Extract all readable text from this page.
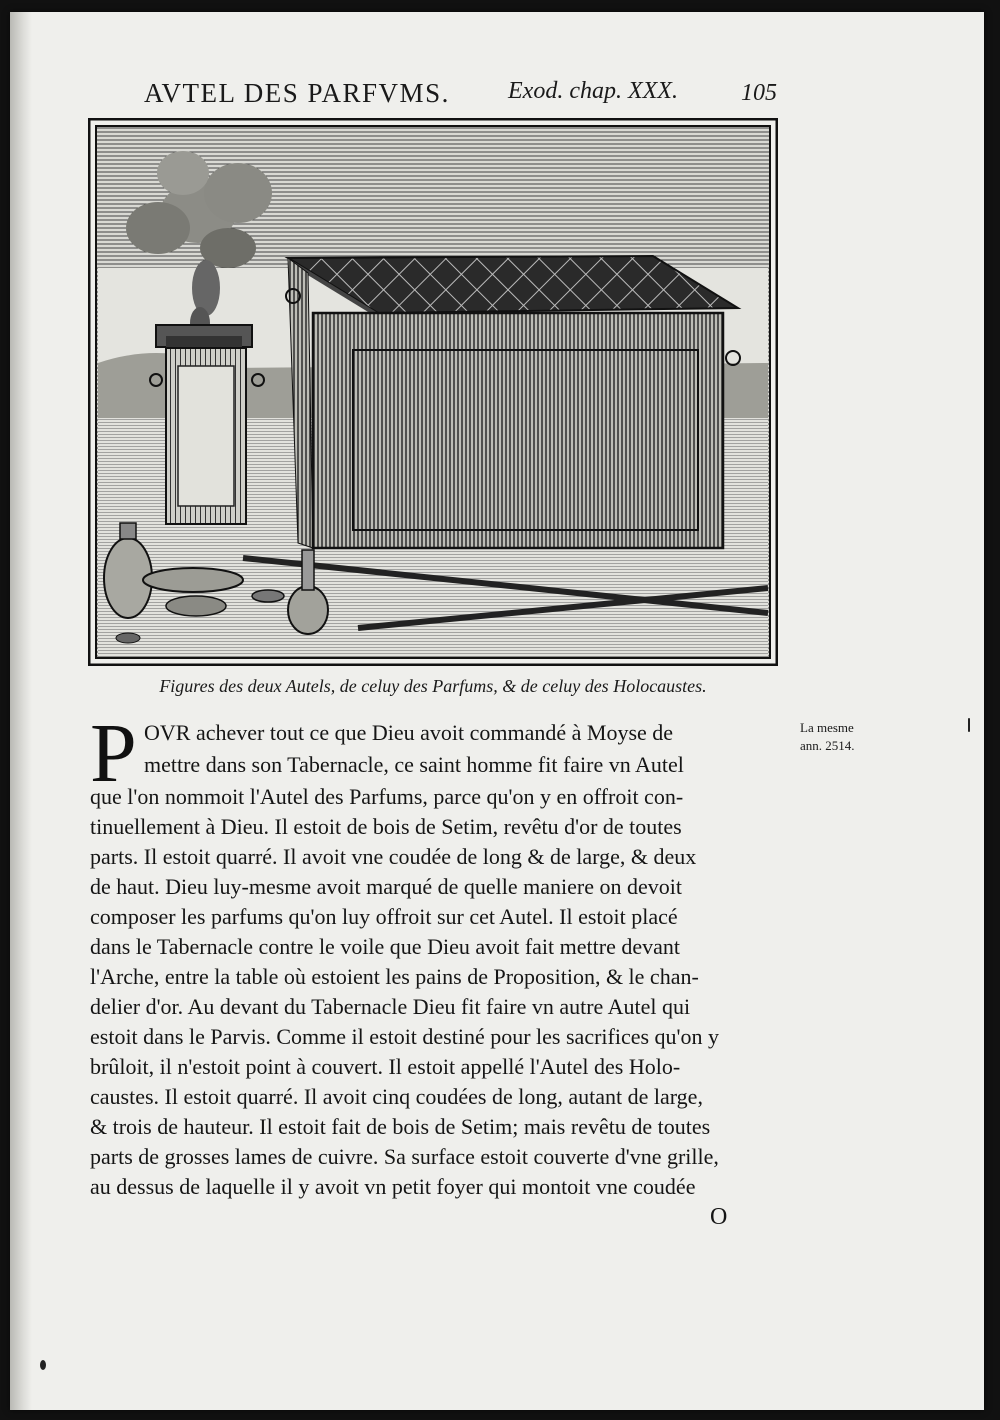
AVTEL DES PARFVMS. Exod. chap. XXX.	105
Figures des deux Autels, de celuy des Parfums, & de celuy des Holocaustes.
P OVR achever tout ce que Dieu avoit commandé à Moyse de
mettre dans son Tabernacle, ce saint homme fit faire vn Autel
que l'on nommoit l'Autel des Parfums, parce qu'on y en offroit con-
tinuellement à Dieu. Il estoit de bois de Setim, revêtu d'or de toutes
parts. Il estoit quarré. Il avoit vne coudée de long & de large, & deux
de haut. Dieu luy-mesme avoit marqué de quelle maniere on devoit
composer les parfums qu'on luy offroit sur cet Autel. Il estoit placé
dans le Tabernacle contre le voile que Dieu avoit fait mettre devant
l'Arche, entre la table où estoient les pains de Proposition, & le chan-
delier d'or. Au devant du Tabernacle Dieu fit faire vn autre Autel qui
estoit dans le Parvis. Comme il estoit destiné pour les sacrifices qu'on y
brûloit, il n'estoit point à couvert. Il estoit appellé l'Autel des Holo-
caustes. Il estoit quarré. Il avoit cinq coudées de long, autant de large,
& trois de hauteur. Il estoit fait de bois de Setim; mais revêtu de toutes
parts de grosses lames de cuivre. Sa surface estoit couverte d'vne grille,
au dessus de laquelle il y avoit vn petit foyer qui montoit vne coudée
La mesme
ann. 2514.
O
